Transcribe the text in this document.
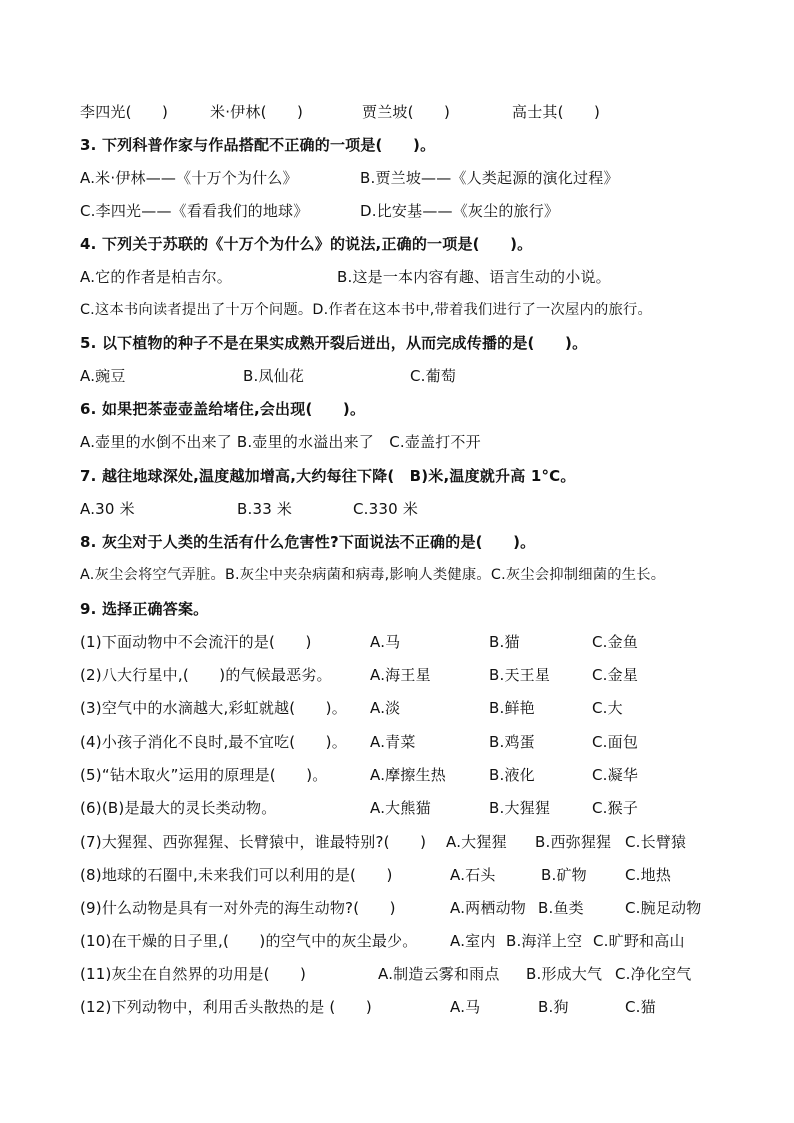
李四光(　　)	米·伊林(　　)	贾兰坡(　　)	高士其(　　)
3. 下列科普作家与作品搭配不正确的一项是(　　)。
A.米·伊林——《十万个为什么》	B.贾兰坡——《人类起源的演化过程》
C.李四光——《看看我们的地球》	D.比安基——《灰尘的旅行》
4. 下列关于苏联的《十万个为什么》的说法,正确的一项是(　　)。
A.它的作者是柏吉尔。	B.这是一本内容有趣、语言生动的小说。
C.这本书向读者提出了十万个问题。D.作者在这本书中,带着我们进行了一次屋内的旅行。
5. 以下植物的种子不是在果实成熟开裂后迸出，从而完成传播的是(　　)。
A.豌豆	B.凤仙花	C.葡萄
6. 如果把茶壶壶盖给堵住,会出现(　　)。
A.壶里的水倒不出来了 B.壶里的水溢出来了　C.壶盖打不开
7. 越往地球深处,温度越加增高,大约每往下降(　B)米,温度就升高 1°C。
A.30 米	B.33 米	C.330 米
8. 灰尘对于人类的生活有什么危害性?下面说法不正确的是(　　)。
A.灰尘会将空气弄脏。B.灰尘中夹杂病菌和病毒,影响人类健康。C.灰尘会抑制细菌的生长。
9. 选择正确答案。
(1)下面动物中不会流汗的是(　　)	A.马	B.猫	C.金鱼
(2)八大行星中,(　　)的气候最恶劣。	A.海王星	B.天王星	C.金星
(3)空气中的水滴越大,彩虹就越(　　)。 A.淡	B.鲜艳	C.大
(4)小孩子消化不良时,最不宜吃(　　)。 A.青菜	B.鸡蛋	C.面包
(5)“钻木取火”运用的原理是(　　)。	A.摩擦生热	B.液化	C.凝华
(6)(B)是最大的灵长类动物。	A.大熊猫	B.大猩猩	C.猴子
(7)大猩猩、西弥猩猩、长臂猿中，谁最特别?(　　) A.大猩猩 B.西弥猩猩 C.长臂猿
(8)地球的石圈中,未来我们可以利用的是(　　)	A.石头	B.矿物	C.地热
(9)什么动物是具有一对外壳的海生动物?(　　)	A.两栖动物 B.鱼类	C.腕足动物
(10)在干燥的日子里,(　　)的空气中的灰尘最少。 A.室内 B.海洋上空 C.旷野和高山
(11)灰尘在自然界的功用是(　　)	A.制造云雾和雨点 B.形成大气 C.净化空气
(12)下列动物中，利用舌头散热的是 (　　)	A.马	B.狗	C.猫
